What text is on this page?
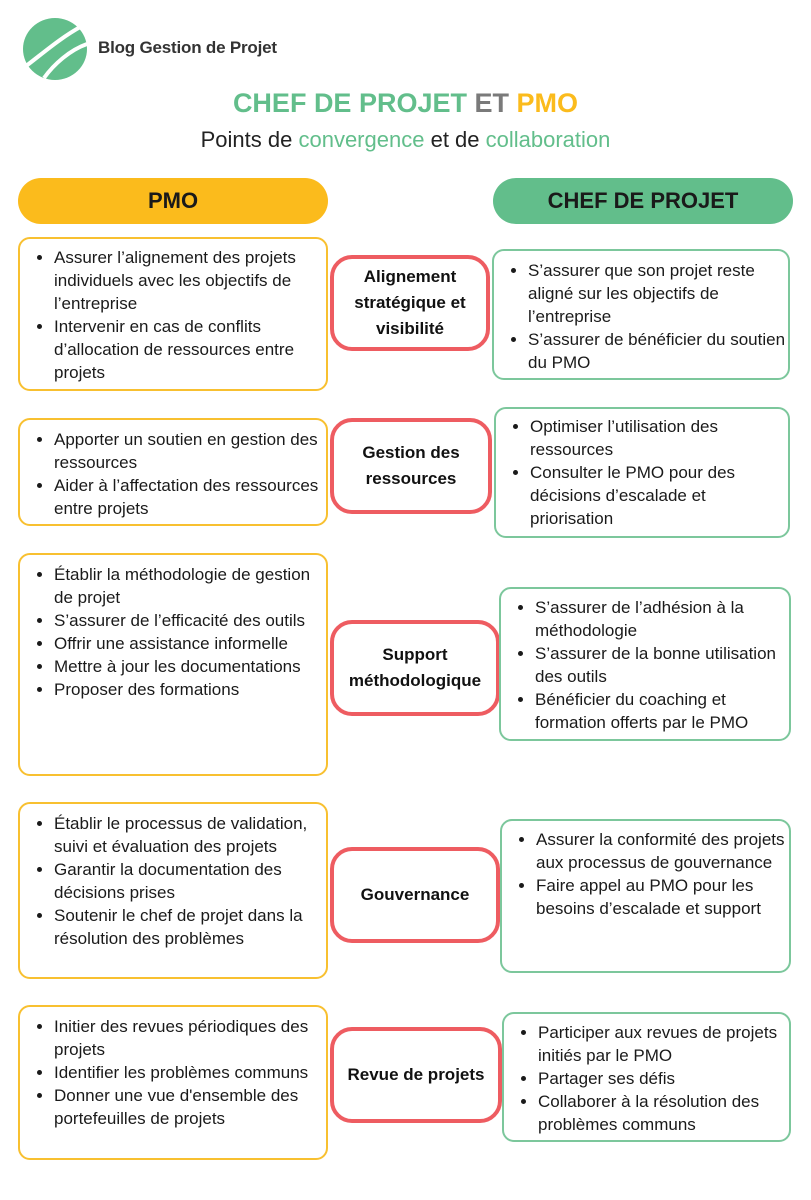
Blog Gestion de Projet
CHEF DE PROJET ET PMO
Points de convergence et de collaboration
PMO	CHEF DE PROJET
• Assurer l’alignement des projets individuels avec les objectifs de l’entreprise
• Intervenir en cas de conflits d’allocation de ressources entre projets
Alignement stratégique et visibilité
• S’assurer que son projet reste aligné sur les objectifs de l’entreprise
• S’assurer de bénéficier du soutien du PMO
• Apporter un soutien en gestion des ressources
• Aider à l’affectation des ressources entre projets
Gestion des ressources
• Optimiser l’utilisation des ressources
• Consulter le PMO pour des décisions d’escalade et priorisation
• Établir la méthodologie de gestion de projet
• S’assurer de l’efficacité des outils
• Offrir une assistance informelle
• Mettre à jour les documentations
• Proposer des formations
Support méthodologique
• S’assurer de l’adhésion à la méthodologie
• S’assurer de la bonne utilisation des outils
• Bénéficier du coaching et formation offerts par le PMO
• Établir le processus de validation, suivi et évaluation des projets
• Garantir la documentation des décisions prises
• Soutenir le chef de projet dans la résolution des problèmes
Gouvernance
• Assurer la conformité des projets aux processus de gouvernance
• Faire appel au PMO pour les besoins d’escalade et support
• Initier des revues périodiques des projets
• Identifier les problèmes communs
• Donner une vue d'ensemble des portefeuilles de projets
Revue de projets
• Participer aux revues de projets initiés par le PMO
• Partager ses défis
• Collaborer à la résolution des problèmes communs
